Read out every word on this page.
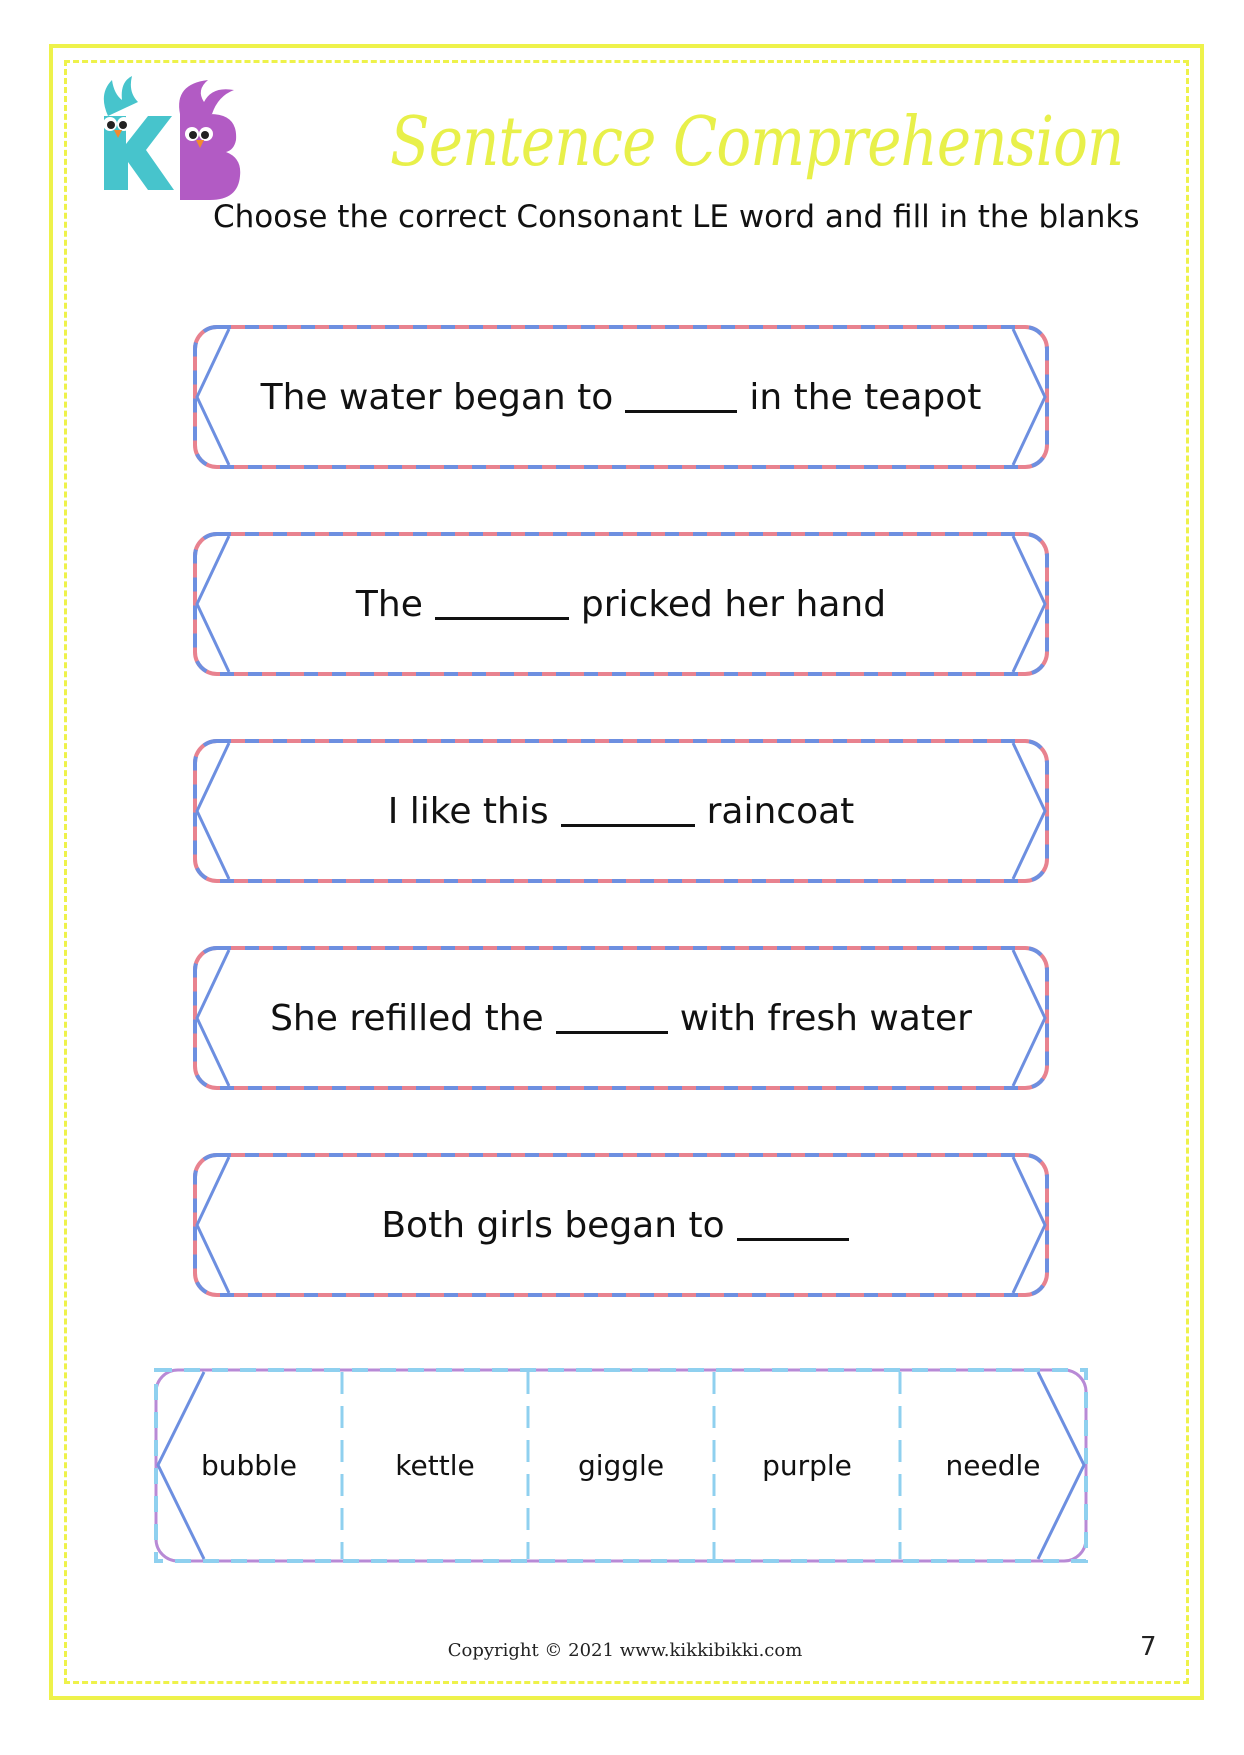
Sentence Comprehension
Choose the correct Consonant LE word and fill in the blanks
The water began to	in the teapot
The	pricked her hand
I like this	raincoat
She refilled the	with fresh water
Both girls began to
bubble	kettle	giggle	purple	needle
Copyright © 2021 www.kikkibikki.com	7
